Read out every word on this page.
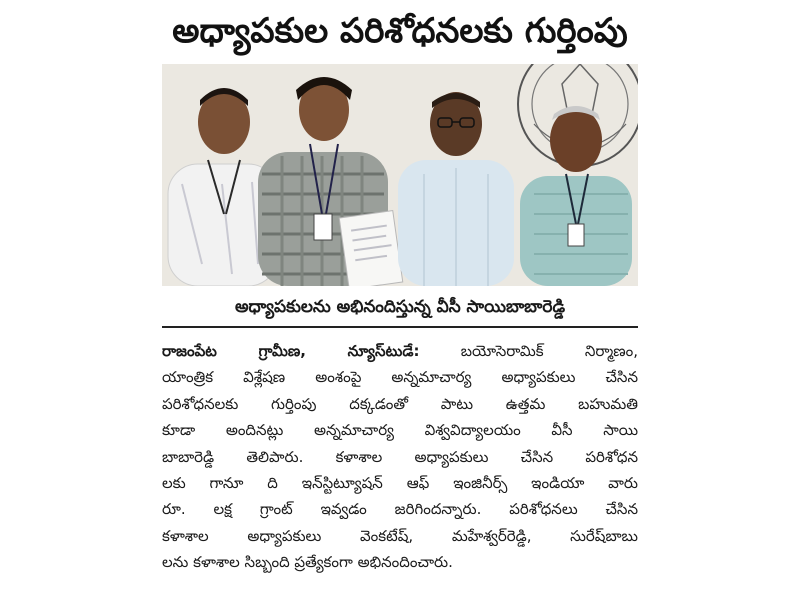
అధ్యాపకుల పరిశోధనలకు గుర్తింపు
అధ్యాపకులను అభినందిస్తున్న వీసీ సాయిబాబారెడ్డి
రాజంపేట గ్రామీణ, న్యూస్‌టుడే:	బయోసెరామిక్ నిర్మాణం,
యాంత్రిక విశ్లేషణ అంశంపై అన్నమాచార్య అధ్యాపకులు చేసిన
పరిశోధనలకు గుర్తింపు దక్కడంతో పాటు ఉత్తమ బహుమతి
కూడా అందినట్లు అన్నమాచార్య విశ్వవిద్యాలయం వీసీ సాయి
బాబారెడ్డి తెలిపారు. కళాశాల అధ్యాపకులు చేసిన పరిశోధన
లకు గానూ ది ఇన్‌స్టిట్యూషన్ ఆఫ్ ఇంజినీర్స్ ఇండియా వారు
రూ. లక్ష గ్రాంట్ ఇవ్వడం జరిగిందన్నారు. పరిశోధనలు చేసిన
కళాశాల అధ్యాపకులు వెంకటేష్, మహేశ్వర్‌రెడ్డి, సురేష్‌బాబు
లను కళాశాల సిబ్బంది ప్రత్యేకంగా అభినందించారు.
